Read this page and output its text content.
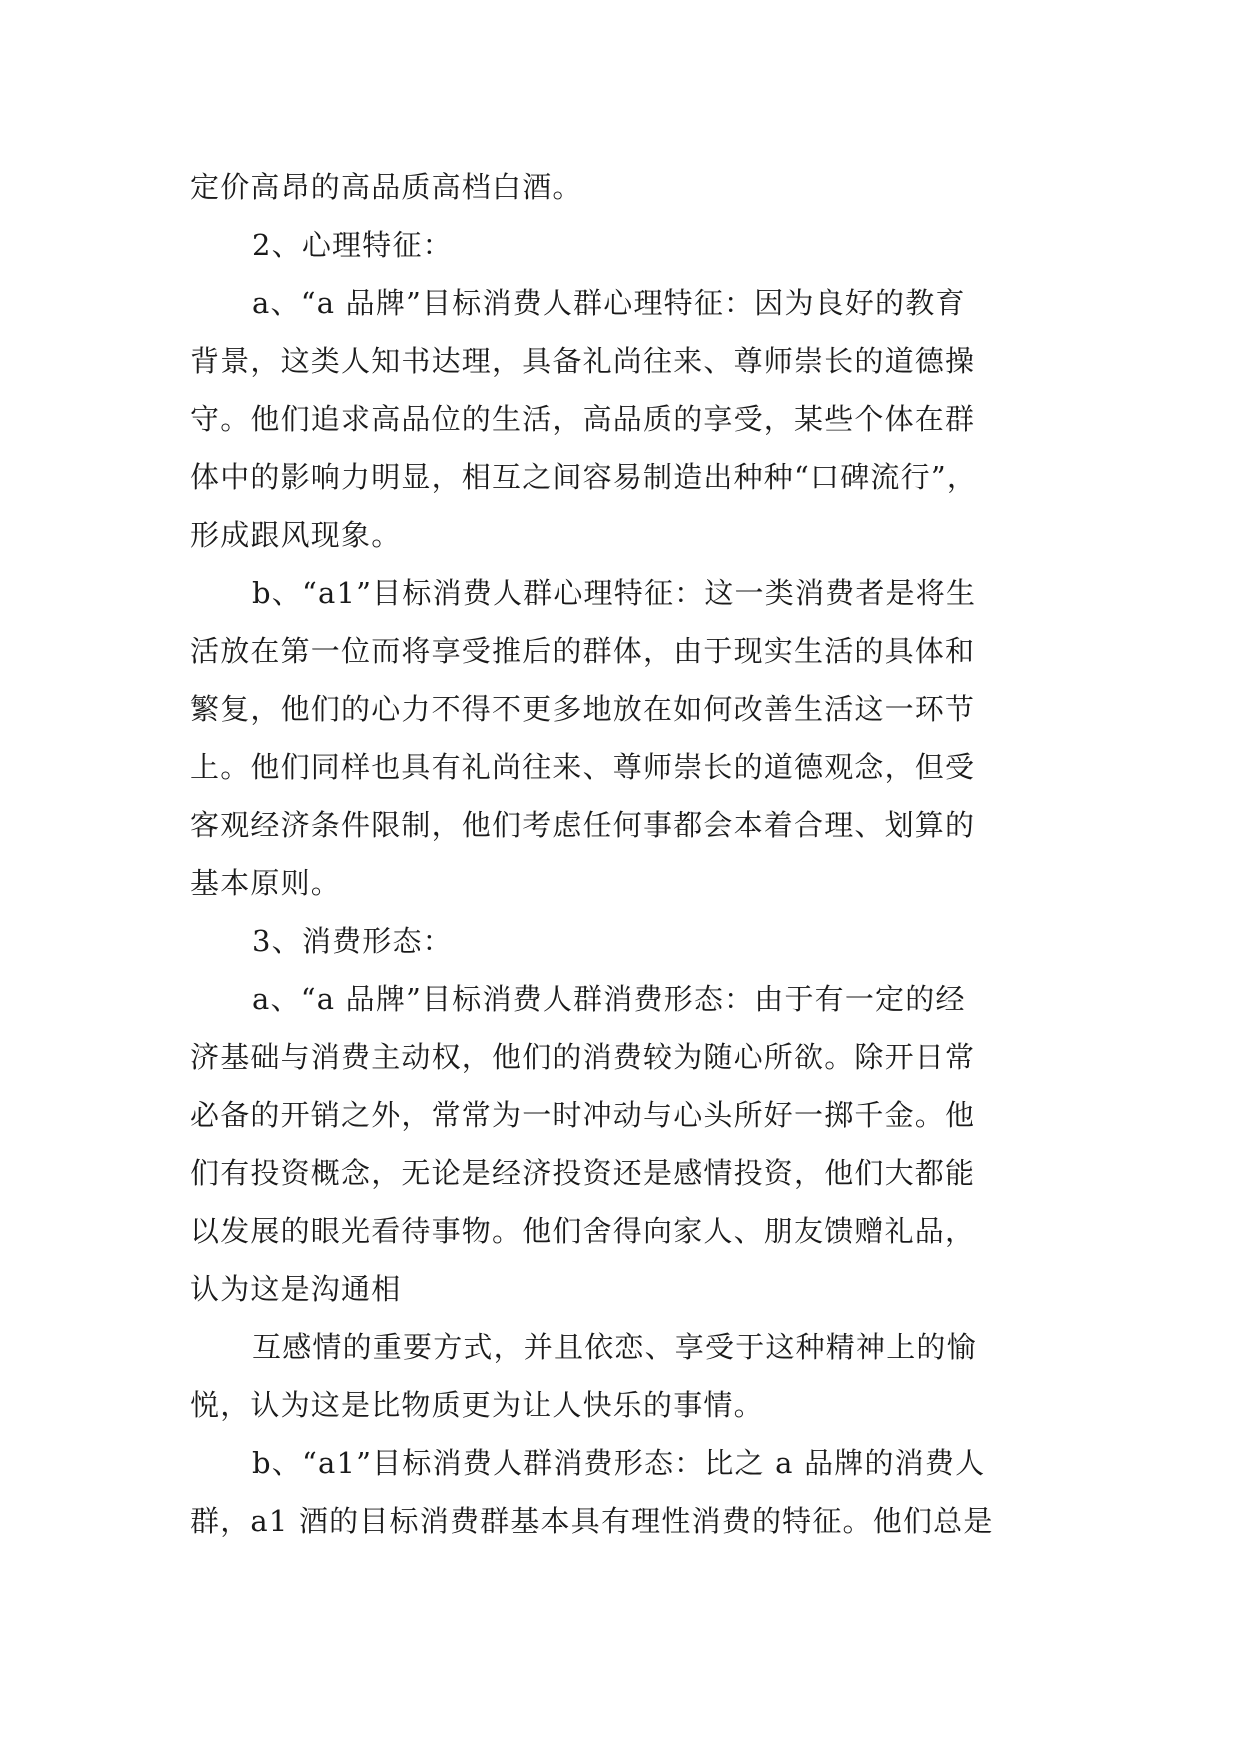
定价高昂的高品质高档白酒。
2、心理特征：
a、“a 品牌”目标消费人群心理特征：因为良好的教育
背景，这类人知书达理，具备礼尚往来、尊师崇长的道德操
守。他们追求高品位的生活，高品质的享受，某些个体在群
体中的影响力明显，相互之间容易制造出种种“口碑流行”，
形成跟风现象。
b、“a1”目标消费人群心理特征：这一类消费者是将生
活放在第一位而将享受推后的群体，由于现实生活的具体和
繁复，他们的心力不得不更多地放在如何改善生活这一环节
上。他们同样也具有礼尚往来、尊师崇长的道德观念，但受
客观经济条件限制，他们考虑任何事都会本着合理、划算的
基本原则。
3、消费形态：
a、“a 品牌”目标消费人群消费形态：由于有一定的经
济基础与消费主动权，他们的消费较为随心所欲。除开日常
必备的开销之外，常常为一时冲动与心头所好一掷千金。他
们有投资概念，无论是经济投资还是感情投资，他们大都能
以发展的眼光看待事物。他们舍得向家人、朋友馈赠礼品，
认为这是沟通相
互感情的重要方式，并且依恋、享受于这种精神上的愉
悦，认为这是比物质更为让人快乐的事情。
b、“a1”目标消费人群消费形态：比之 a 品牌的消费人
群，a1 酒的目标消费群基本具有理性消费的特征。他们总是
